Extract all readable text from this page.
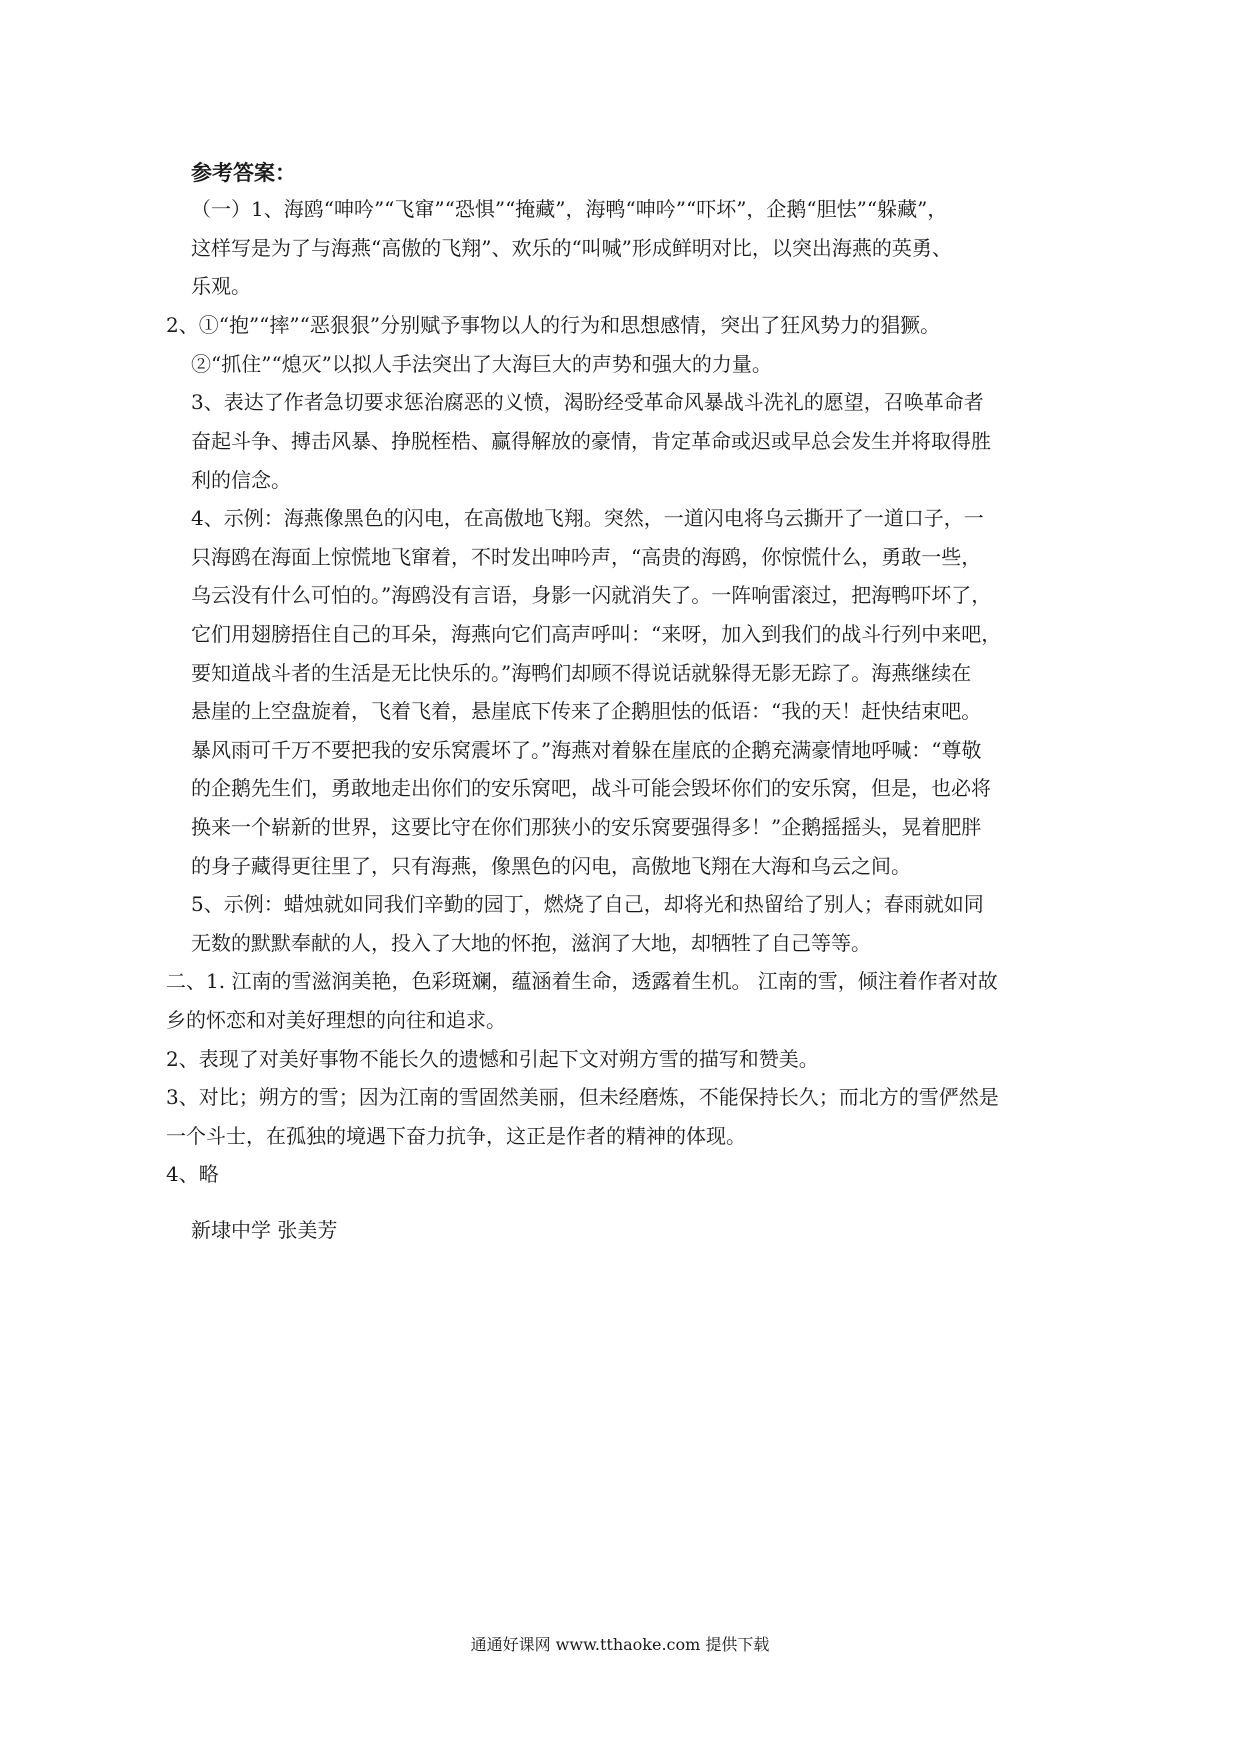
参考答案：

（一）1、海鸥“呻吟”“飞窜”“恐惧”“掩藏”，海鸭“呻吟”“吓坏”，企鹅“胆怯”“躲藏”，

这样写是为了与海燕“高傲的飞翔”、欢乐的“叫喊”形成鲜明对比，以突出海燕的英勇、

乐观。

2、①“抱”“摔”“恶狠狠”分别赋予事物以人的行为和思想感情，突出了狂风势力的猖獗。

②“抓住”“熄灭”以拟人手法突出了大海巨大的声势和强大的力量。

3、表达了作者急切要求惩治腐恶的义愤，渴盼经受革命风暴战斗洗礼的愿望，召唤革命者

奋起斗争、搏击风暴、挣脱桎梏、赢得解放的豪情，肯定革命或迟或早总会发生并将取得胜

利的信念。

4、示例：海燕像黑色的闪电，在高傲地飞翔。突然，一道闪电将乌云撕开了一道口子，一

只海鸥在海面上惊慌地飞窜着，不时发出呻吟声，“高贵的海鸥，你惊慌什么，勇敢一些，

乌云没有什么可怕的。”海鸥没有言语，身影一闪就消失了。一阵响雷滚过，把海鸭吓坏了，

它们用翅膀捂住自己的耳朵，海燕向它们高声呼叫：“来呀，加入到我们的战斗行列中来吧，

要知道战斗者的生活是无比快乐的。”海鸭们却顾不得说话就躲得无影无踪了。海燕继续在

悬崖的上空盘旋着，飞着飞着，悬崖底下传来了企鹅胆怯的低语：“我的天！赶快结束吧。

暴风雨可千万不要把我的安乐窝震坏了。”海燕对着躲在崖底的企鹅充满豪情地呼喊：“尊敬

的企鹅先生们，勇敢地走出你们的安乐窝吧，战斗可能会毁坏你们的安乐窝，但是，也必将

换来一个崭新的世界，这要比守在你们那狭小的安乐窝要强得多！”企鹅摇摇头，晃着肥胖

的身子藏得更往里了，只有海燕，像黑色的闪电，高傲地飞翔在大海和乌云之间。

5、示例：蜡烛就如同我们辛勤的园丁，燃烧了自己，却将光和热留给了别人；春雨就如同

无数的默默奉献的人，投入了大地的怀抱，滋润了大地，却牺牲了自己等等。

二、1. 江南的雪滋润美艳，色彩斑斓，蕴涵着生命，透露着生机。 江南的雪，倾注着作者对故

乡的怀恋和对美好理想的向往和追求。

2、表现了对美好事物不能长久的遗憾和引起下文对朔方雪的描写和赞美。

3、对比；朔方的雪；因为江南的雪固然美丽，但未经磨炼，不能保持长久；而北方的雪俨然是

一个斗士，在孤独的境遇下奋力抗争，这正是作者的精神的体现。

4、略

新埭中学 张美芳

通通好课网 www.tthaoke.com 提供下载
